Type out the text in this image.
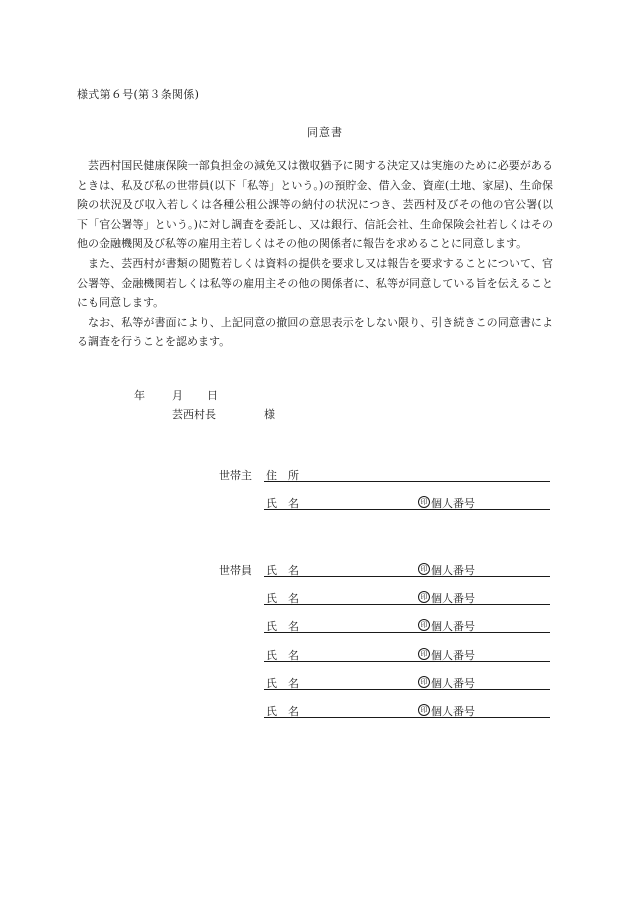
様式第６号(第３条関係)
同意書

芸西村国民健康保険一部負担金の減免又は徴収猶予に関する決定又は実施のために必要があるときは、私及び私の世帯員(以下「私等」という。)の預貯金、借入金、資産(土地、家屋)、生命保険の状況及び収入若しくは各種公租公課等の納付の状況につき、芸西村及びその他の官公署(以下「官公署等」という。)に対し調査を委託し、又は銀行、信託会社、生命保険会社若しくはその他の金融機関及び私等の雇用主若しくはその他の関係者に報告を求めることに同意します。

また、芸西村が書類の閲覧若しくは資料の提供を要求し又は報告を要求することについて、官公署等、金融機関若しくは私等の雇用主その他の関係者に、私等が同意している旨を伝えることにも同意します。

なお、私等が書面により、上記同意の撤回の意思表示をしない限り、引き続きこの同意書による調査を行うことを認めます。

年 月 日
芸西村長	様
世帯主 住　所
氏　名	印 個人番号
世帯員 氏　名	印 個人番号
氏　名	印 個人番号
氏　名	印 個人番号
氏　名	印 個人番号
氏　名	印 個人番号
氏　名	印 個人番号
